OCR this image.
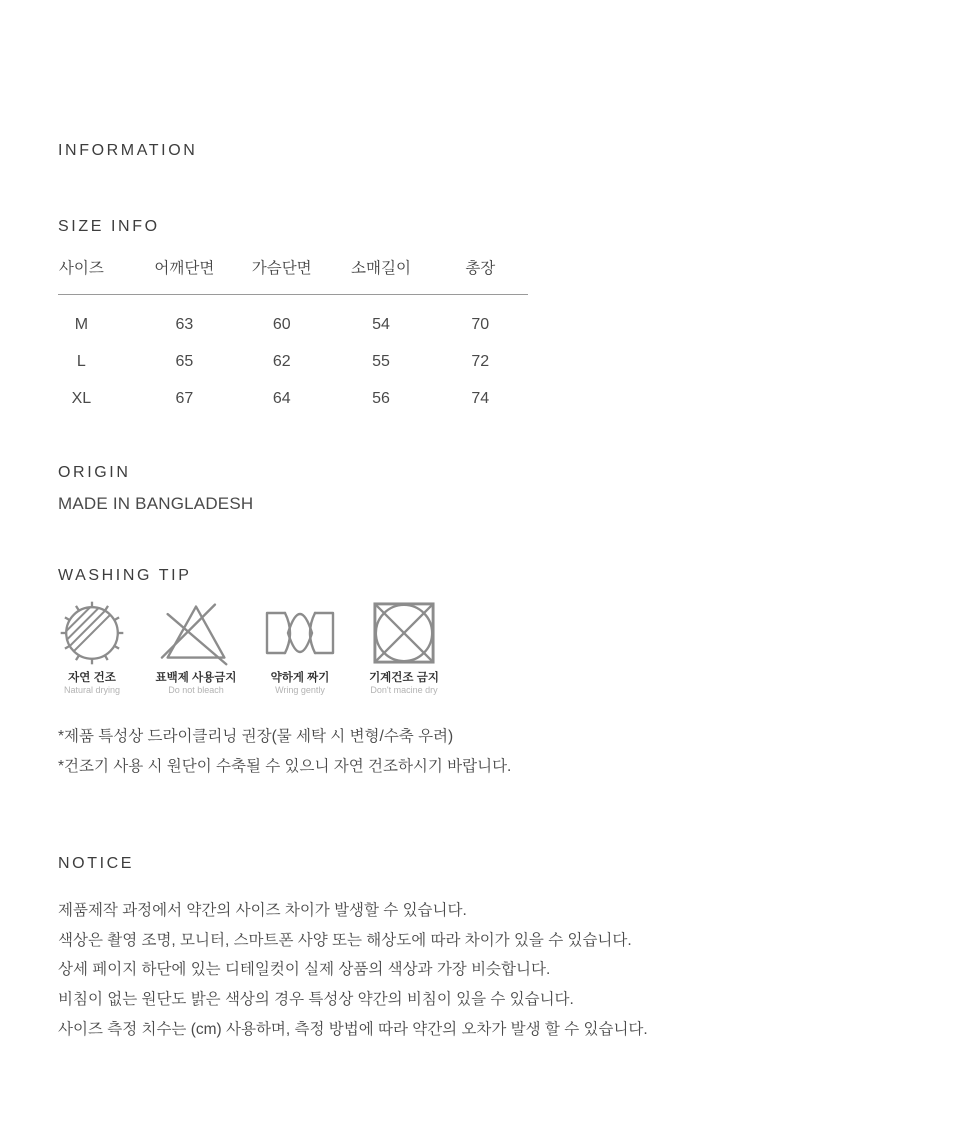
INFORMATION
SIZE INFO
사이즈	어깨단면	가슴단면	소매길이	총장
M	63	60	54	70
L	65	62	55	72
XL	67	64	56	74
ORIGIN
MADE IN BANGLADESH
WASHING TIP
자연 건조
Natural drying
표백제 사용금지
Do not bleach
약하게 짜기
Wring gently
기계건조 금지
Don't macine dry
*제품 특성상 드라이클리닝 권장(물 세탁 시 변형/수축 우려)
*건조기 사용 시 원단이 수축될 수 있으니 자연 건조하시기 바랍니다.
NOTICE
제품제작 과정에서 약간의 사이즈 차이가 발생할 수 있습니다.
색상은 촬영 조명, 모니터, 스마트폰 사양 또는 해상도에 따라 차이가 있을 수 있습니다.
상세 페이지 하단에 있는 디테일컷이 실제 상품의 색상과 가장 비슷합니다.
비침이 없는 원단도 밝은 색상의 경우 특성상 약간의 비침이 있을 수 있습니다.
사이즈 측정 치수는 (cm) 사용하며, 측정 방법에 따라 약간의 오차가 발생 할 수 있습니다.
